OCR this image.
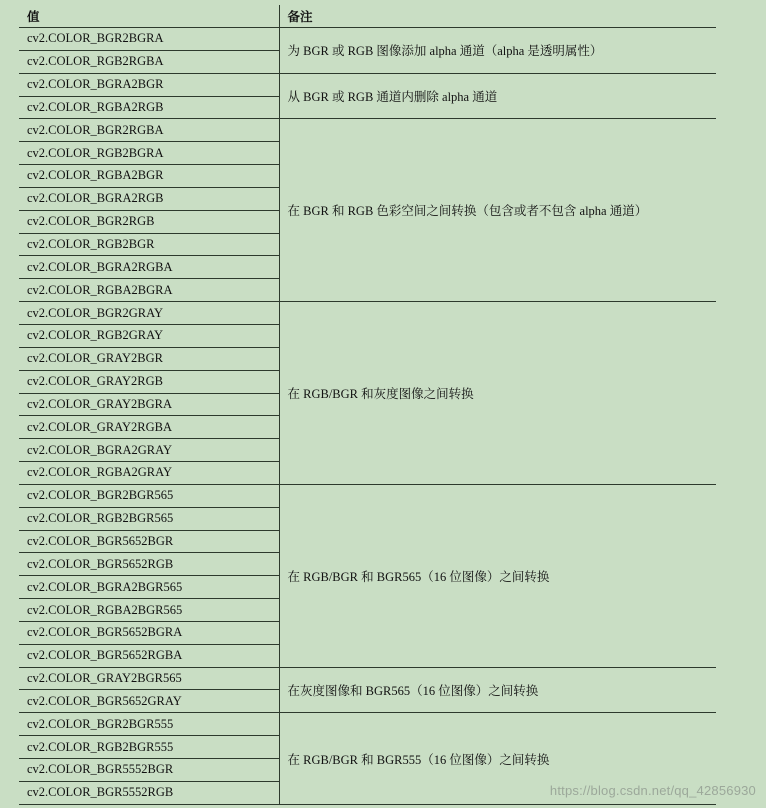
值	备注
cv2.COLOR_BGR2BGRA	为 BGR 或 RGB 图像添加 alpha 通道（alpha 是透明属性）
cv2.COLOR_RGB2RGBA	
cv2.COLOR_BGRA2BGR	从 BGR 或 RGB 通道内删除 alpha 通道
cv2.COLOR_RGBA2RGB	
cv2.COLOR_BGR2RGBA	在 BGR 和 RGB 色彩空间之间转换（包含或者不包含 alpha 通道）
cv2.COLOR_RGB2BGRA	
cv2.COLOR_RGBA2BGR	
cv2.COLOR_BGRA2RGB	
cv2.COLOR_BGR2RGB	
cv2.COLOR_RGB2BGR	
cv2.COLOR_BGRA2RGBA	
cv2.COLOR_RGBA2BGRA	
cv2.COLOR_BGR2GRAY	在 RGB/BGR 和灰度图像之间转换
cv2.COLOR_RGB2GRAY	
cv2.COLOR_GRAY2BGR	
cv2.COLOR_GRAY2RGB	
cv2.COLOR_GRAY2BGRA	
cv2.COLOR_GRAY2RGBA	
cv2.COLOR_BGRA2GRAY	
cv2.COLOR_RGBA2GRAY	
cv2.COLOR_BGR2BGR565	在 RGB/BGR 和 BGR565（16 位图像）之间转换
cv2.COLOR_RGB2BGR565	
cv2.COLOR_BGR5652BGR	
cv2.COLOR_BGR5652RGB	
cv2.COLOR_BGRA2BGR565	
cv2.COLOR_RGBA2BGR565	
cv2.COLOR_BGR5652BGRA	
cv2.COLOR_BGR5652RGBA	
cv2.COLOR_GRAY2BGR565	在灰度图像和 BGR565（16 位图像）之间转换
cv2.COLOR_BGR5652GRAY	
cv2.COLOR_BGR2BGR555	在 RGB/BGR 和 BGR555（16 位图像）之间转换
cv2.COLOR_RGB2BGR555	
cv2.COLOR_BGR5552BGR	
cv2.COLOR_BGR5552RGB		https://blog.csdn.net/qq_42856930
